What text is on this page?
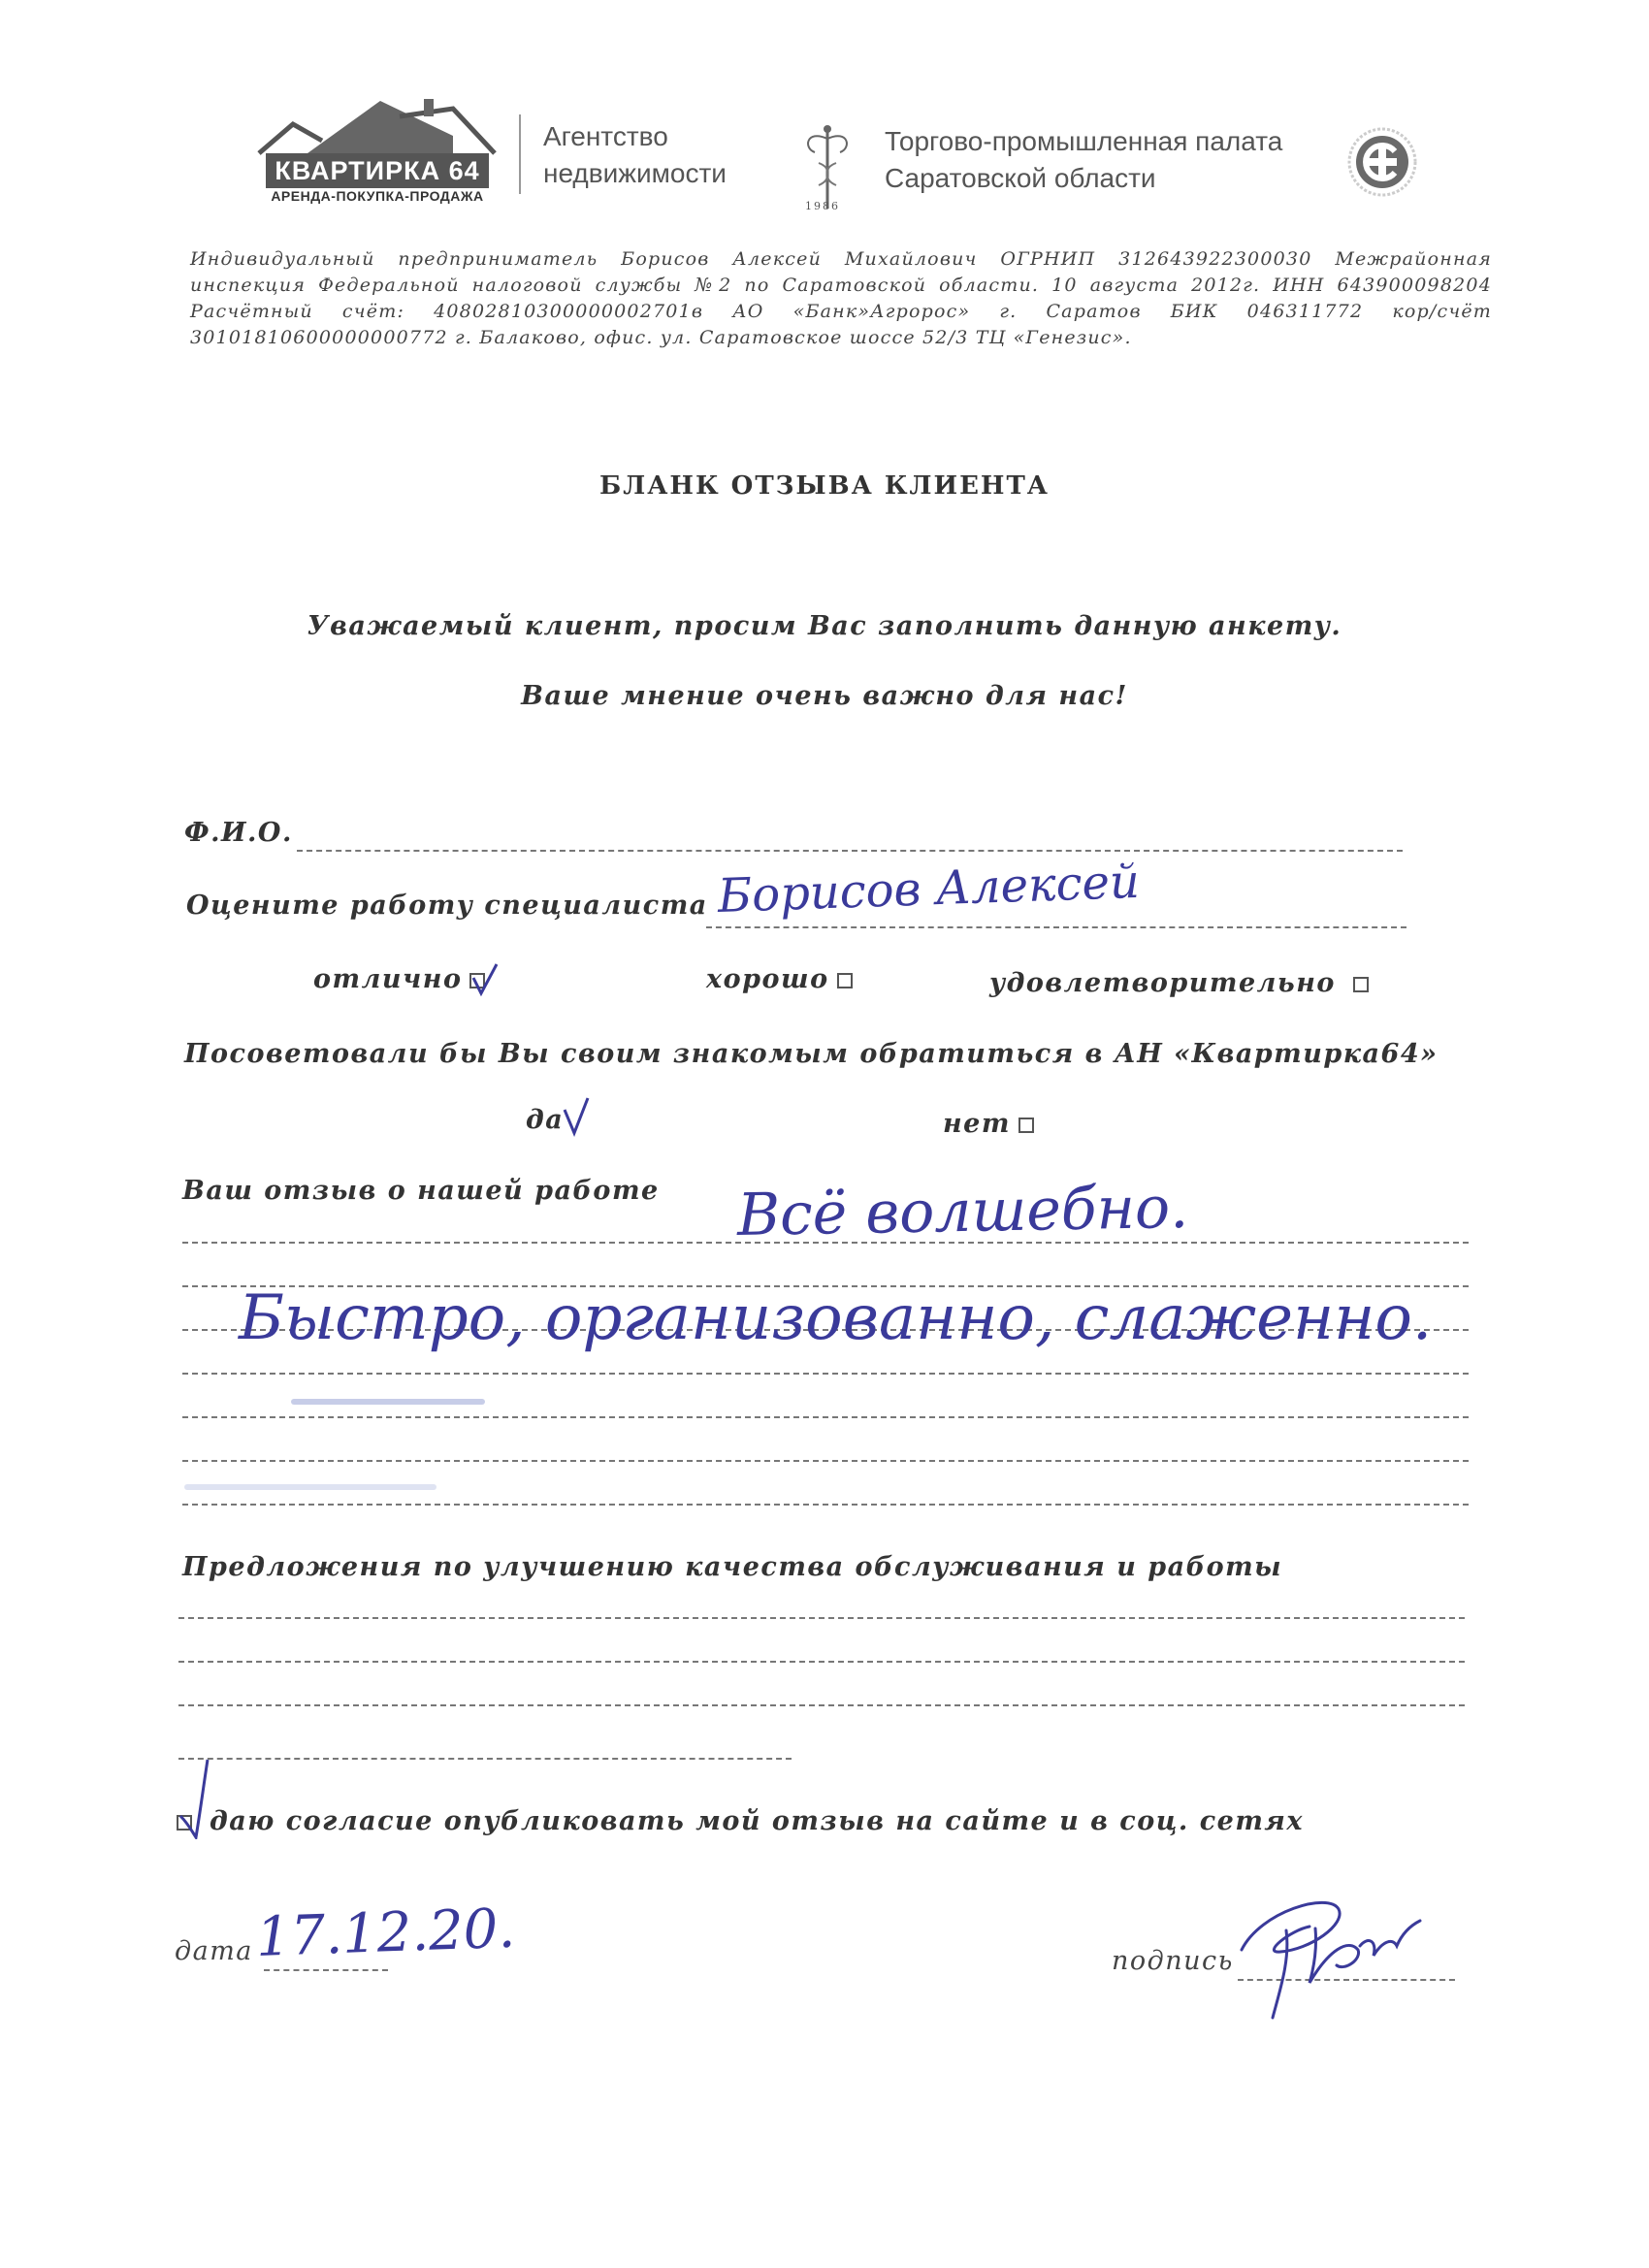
КВАРТИРКА 64
АРЕНДА-ПОКУПКА-ПРОДАЖА
Агентство
недвижимости
1986
Торгово-промышленная палата
Саратовской области
Индивидуальный предприниматель Борисов Алексей Михайлович ОГРНИП 312643922300030 Межрайонная инспекция Федеральной налоговой службы №2 по Саратовской области. 10 августа 2012г. ИНН 643900098204 Расчётный счёт: 40802810300000002701в АО «Банк»Агророс» г. Саратов БИК 046311772 кор/счёт 30101810600000000772 г. Балаково, офис. ул. Саратовское шоссе 52/3 ТЦ «Генезис».
БЛАНК ОТЗЫВА КЛИЕНТА
Уважаемый клиент, просим Вас заполнить данную анкету.
Ваше мнение очень важно для нас!
Ф.И.О.
Оцените работу специалиста Борисов Алексей
отлично	хорошо	удовлетворительно
Посоветовали бы Вы своим знакомым обратиться в АН «Квартирка64»
да	нет
Ваш отзыв о нашей работе Всё волшебно.
Быстро, организованно, слаженно.
Предложения по улучшению качества обслуживания и работы
даю согласие опубликовать мой отзыв на сайте и в соц. сетях
дата 17.12.20.	подпись
